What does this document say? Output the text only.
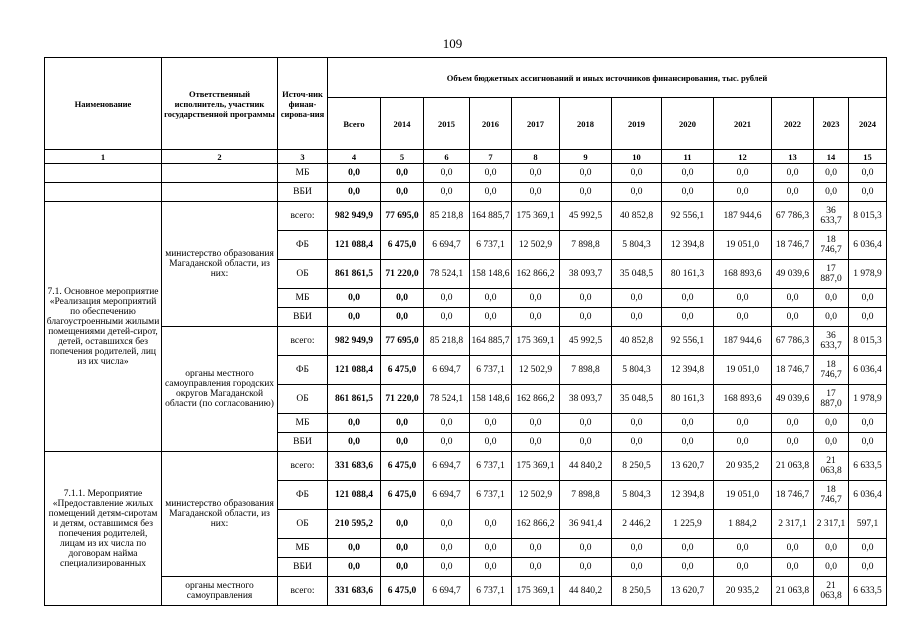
109
Наименование	Ответственный исполнитель, участник государственной программы	Источ-ник финан-сирова-ния	Объем бюджетных ассигнований и иных источников финансирования, тыс. рублей											
			Всего	2014	2015	2016	2017	2018	2019	2020	2021	2022	2023	2024
1	2	3	4	5	6	7	8	9	10	11	12	13	14	15
		МБ	0,0	0,0	0,0	0,0	0,0	0,0	0,0	0,0	0,0	0,0	0,0	0,0
		ВБИ	0,0	0,0	0,0	0,0	0,0	0,0	0,0	0,0	0,0	0,0	0,0	0,0
7.1. Основное мероприятие «Реализация мероприятий по обеспечению благоустроенными жилыми помещениями детей-сирот, детей, оставшихся без попечения родителей, лиц из их числа»	министерство образования Магаданской области, из них:	всего:	982 949,9	77 695,0	85 218,8	164 885,7	175 369,1	45 992,5	40 852,8	92 556,1	187 944,6	67 786,3	36 633,7	8 015,3
		ФБ	121 088,4	6 475,0	6 694,7	6 737,1	12 502,9	7 898,8	5 804,3	12 394,8	19 051,0	18 746,7	18 746,7	6 036,4
		ОБ	861 861,5	71 220,0	78 524,1	158 148,6	162 866,2	38 093,7	35 048,5	80 161,3	168 893,6	49 039,6	17 887,0	1 978,9
		МБ	0,0	0,0	0,0	0,0	0,0	0,0	0,0	0,0	0,0	0,0	0,0	0,0
		ВБИ	0,0	0,0	0,0	0,0	0,0	0,0	0,0	0,0	0,0	0,0	0,0	0,0
	органы местного самоуправления городских округов Магаданской области (по согласованию)	всего:	982 949,9	77 695,0	85 218,8	164 885,7	175 369,1	45 992,5	40 852,8	92 556,1	187 944,6	67 786,3	36 633,7	8 015,3
		ФБ	121 088,4	6 475,0	6 694,7	6 737,1	12 502,9	7 898,8	5 804,3	12 394,8	19 051,0	18 746,7	18 746,7	6 036,4
		ОБ	861 861,5	71 220,0	78 524,1	158 148,6	162 866,2	38 093,7	35 048,5	80 161,3	168 893,6	49 039,6	17 887,0	1 978,9
		МБ	0,0	0,0	0,0	0,0	0,0	0,0	0,0	0,0	0,0	0,0	0,0	0,0
		ВБИ	0,0	0,0	0,0	0,0	0,0	0,0	0,0	0,0	0,0	0,0	0,0	0,0
7.1.1. Мероприятие «Предоставление жилых помещений детям-сиротам и детям, оставшимся без попечения родителей, лицам из их числа по договорам найма специализированных	министерство образования Магаданской области, из них:	всего:	331 683,6	6 475,0	6 694,7	6 737,1	175 369,1	44 840,2	8 250,5	13 620,7	20 935,2	21 063,8	21 063,8	6 633,5
		ФБ	121 088,4	6 475,0	6 694,7	6 737,1	12 502,9	7 898,8	5 804,3	12 394,8	19 051,0	18 746,7	18 746,7	6 036,4
		ОБ	210 595,2	0,0	0,0	0,0	162 866,2	36 941,4	2 446,2	1 225,9	1 884,2	2 317,1	2 317,1	597,1
		МБ	0,0	0,0	0,0	0,0	0,0	0,0	0,0	0,0	0,0	0,0	0,0	0,0
		ВБИ	0,0	0,0	0,0	0,0	0,0	0,0	0,0	0,0	0,0	0,0	0,0	0,0
	органы местного самоуправления	всего:	331 683,6	6 475,0	6 694,7	6 737,1	175 369,1	44 840,2	8 250,5	13 620,7	20 935,2	21 063,8	21 063,8	6 633,5
